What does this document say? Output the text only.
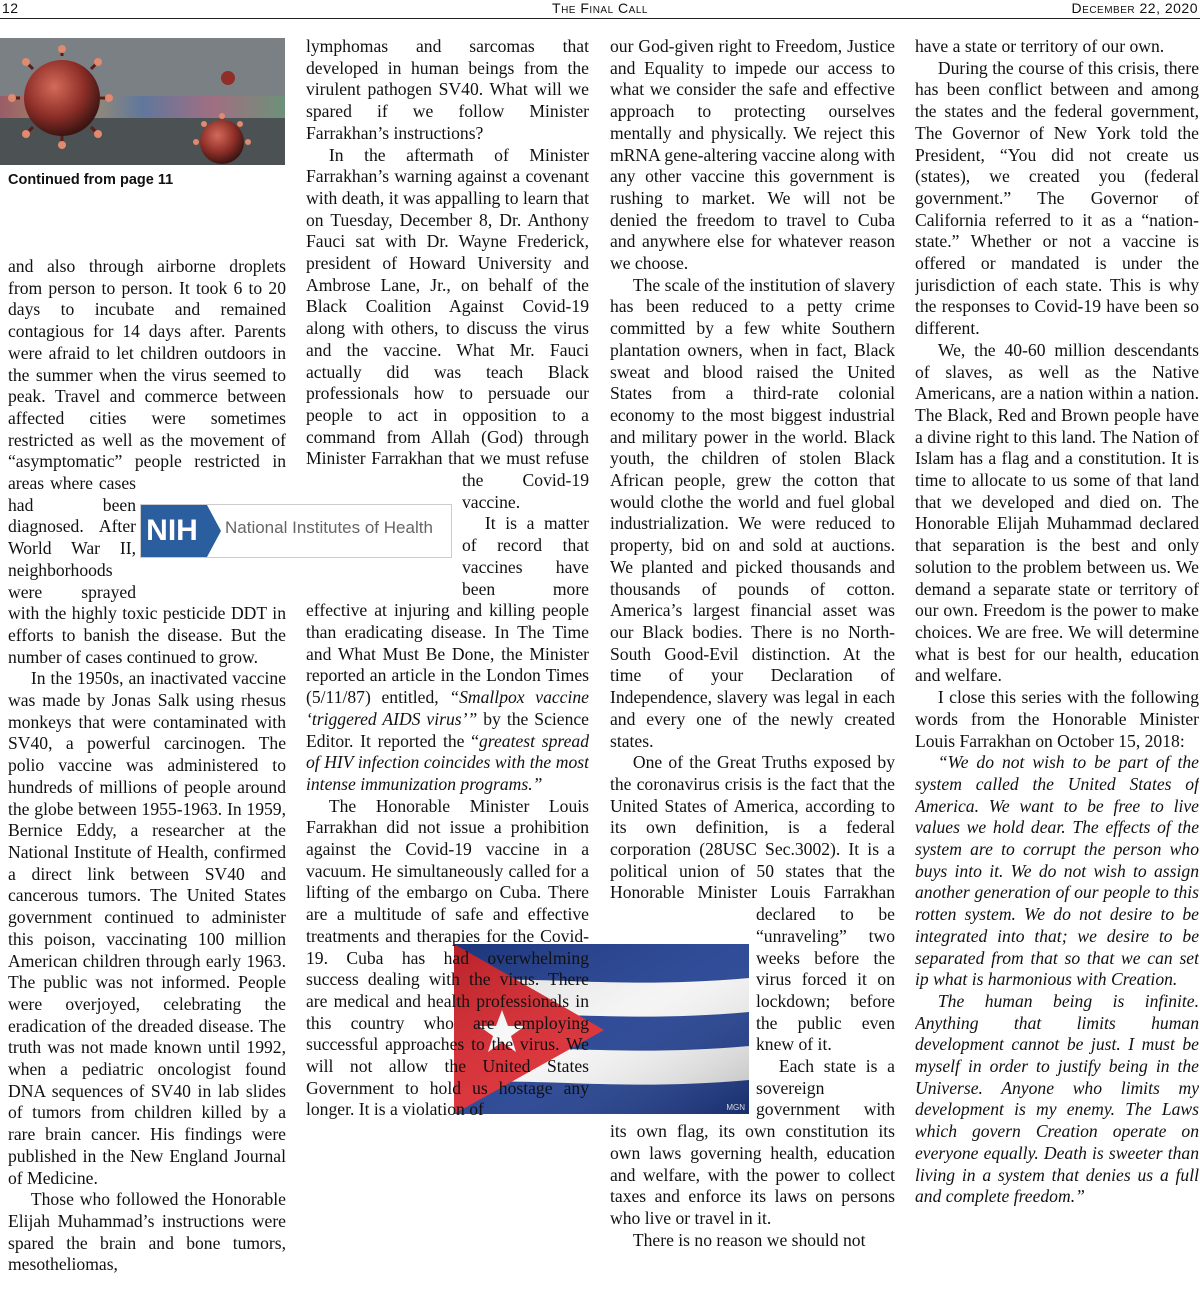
12	The Final Call	December 22, 2020
Continued from page 11
NIH	National Institutes of Health
MGN

and also through airborne droplets from person to person. It took 6 to 20 days to incubate and remained contagious for 14 days after. Parents were afraid to let children outdoors in the summer when the virus seemed to peak. Travel and commerce between affected cities were sometimes restricted as well as the movement of “asymptomatic” people restricted in areas where cases had been diagnosed. After World War II, neighborhoods were sprayed with the highly toxic pesticide DDT in efforts to banish the disease. But the number of cases continued to grow.

In the 1950s, an inactivated vaccine was made by Jonas Salk using rhesus monkeys that were contaminated with SV40, a powerful carcinogen. The polio vaccine was administered to hundreds of millions of people around the globe between 1955-1963. In 1959, Bernice Eddy, a researcher at the National Institute of Health, confirmed a direct link between SV40 and cancerous tumors. The United States government continued to administer this poison, vaccinating 100 million American children through early 1963. The public was not informed. People were overjoyed, celebrating the eradication of the dreaded disease. The truth was not made known until 1992, when a pediatric oncologist found DNA sequences of SV40 in lab slides of tumors from children killed by a rare brain cancer. His findings were published in the New England Journal of Medicine.

Those who followed the Honorable Elijah Muhammad’s instructions were spared the brain and bone tumors, mesotheliomas,

lymphomas and sarcomas that developed in human beings from the virulent pathogen SV40. What will we spared if we follow Minister Farrakhan’s instructions?

In the aftermath of Minister Farrakhan’s warning against a covenant with death, it was appalling to learn that on Tuesday, December 8, Dr. Anthony Fauci sat with Dr. Wayne Frederick, president of Howard University and Ambrose Lane, Jr., on behalf of the Black Coalition Against Covid-19 along with others, to discuss the virus and the vaccine. What Mr. Fauci actually did was teach Black professionals how to persuade our people to act in opposition to a command from Allah (God) through Minister Farrakhan that we must refuse the Covid-19 vaccine.

It is a matter of record that vaccines have been more effective at injuring and killing people than eradicating disease. In The Time and What Must Be Done, the Minister reported an article in the London Times (5/11/87) entitled, “Smallpox vaccine ‘triggered AIDS virus’” by the Science Editor. It reported the “greatest spread of HIV infection coincides with the most intense immunization programs.”

The Honorable Minister Louis Farrakhan did not issue a prohibition against the Covid-19 vaccine in a vacuum. He simultaneously called for a lifting of the embargo on Cuba. There are a multitude of safe and effective treatments and therapies for the Covid-19. Cuba has had overwhelming success dealing with the virus. There are medical and health professionals in this country who are employing successful approaches to the virus. We will not allow the United States Government to hold us hostage any longer. It is a violation of

our God-given right to Freedom, Justice and Equality to impede our access to what we consider the safe and effective approach to protecting ourselves mentally and physically. We reject this mRNA gene-altering vaccine along with any other vaccine this government is rushing to market. We will not be denied the freedom to travel to Cuba and anywhere else for whatever reason we choose.

The scale of the institution of slavery has been reduced to a petty crime committed by a few white Southern plantation owners, when in fact, Black sweat and blood raised the United States from a third-rate colonial economy to the most biggest industrial and military power in the world. Black youth, the children of stolen Black African people, grew the cotton that would clothe the world and fuel global industrialization. We were reduced to property, bid on and sold at auctions. We planted and picked thousands and thousands of pounds of cotton. America’s largest financial asset was our Black bodies. There is no North-South Good-Evil distinction. At the time of your Declaration of Independence, slavery was legal in each and every one of the newly created states.

One of the Great Truths exposed by the coronavirus crisis is the fact that the United States of America, according to its own definition, is a federal corporation (28USC Sec.3002). It is a political union of 50 states that the Honorable Minister Louis Farrakhan declared to be “unraveling” two weeks before the virus forced it on lockdown; before the public even knew of it.

Each state is a sovereign government with its own flag, its own constitution its own laws governing health, education and welfare, with the power to collect taxes and enforce its laws on persons who live or travel in it.

There is no reason we should not

have a state or territory of our own.

During the course of this crisis, there has been conflict between and among the states and the federal government, The Governor of New York told the President, “You did not create us (states), we created you (federal government.” The Governor of California referred to it as a “nation-state.” Whether or not a vaccine is offered or mandated is under the jurisdiction of each state. This is why the responses to Covid-19 have been so different.

We, the 40-60 million descendants of slaves, as well as the Native Americans, are a nation within a nation. The Black, Red and Brown people have a divine right to this land. The Nation of Islam has a flag and a constitution. It is time to allocate to us some of that land that we developed and died on. The Honorable Elijah Muhammad declared that separation is the best and only solution to the problem between us. We demand a separate state or territory of our own. Freedom is the power to make choices. We are free. We will determine what is best for our health, education and welfare.

I close this series with the following words from the Honorable Minister Louis Farrakhan on October 15, 2018:

“We do not wish to be part of the system called the United States of America. We want to be free to live values we hold dear. The effects of the system are to corrupt the person who buys into it. We do not wish to assign another generation of our people to this rotten system. We do not desire to be integrated into that; we desire to be separated from that so that we can set ip what is harmonious with Creation.

The human being is infinite. Anything that limits human development cannot be just. I must be myself in order to justify being in the Universe. Anyone who limits my development is my enemy. The Laws which govern Creation operate on everyone equally. Death is sweeter than living in a system that denies us a full and complete freedom.”
